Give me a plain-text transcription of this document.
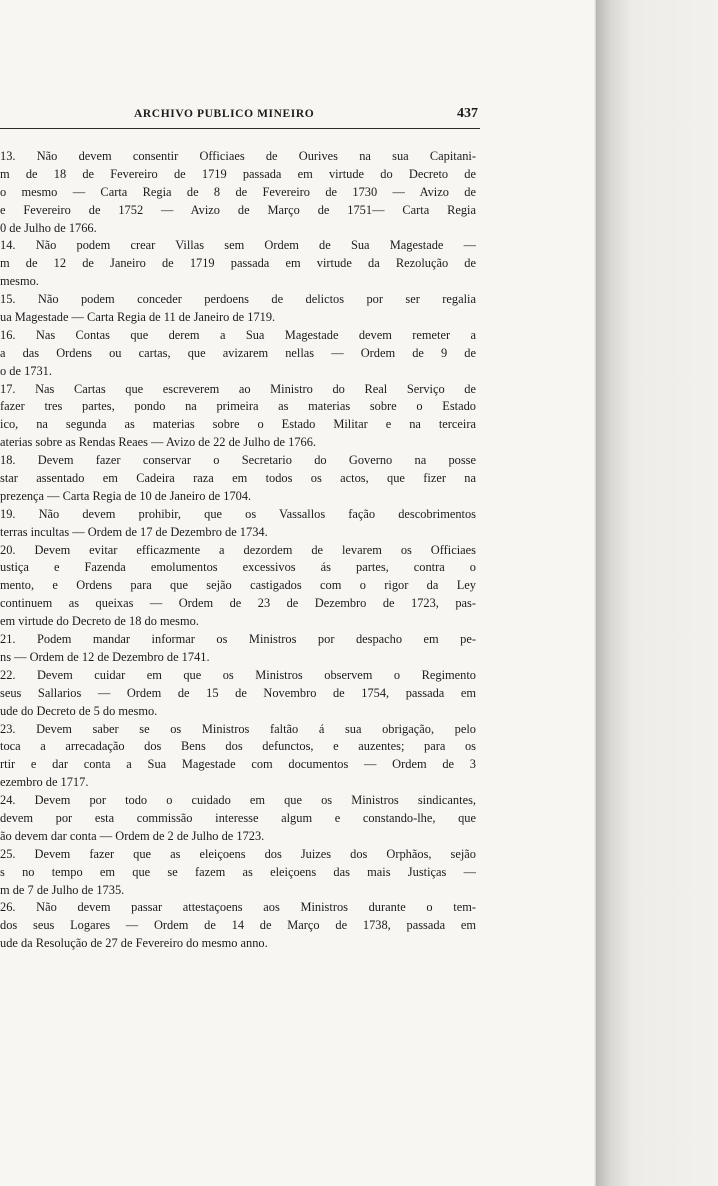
ARCHIVO PUBLICO MINEIRO	437
13. Não devem consentir Officiaes de Ourives na sua Capitani-
m de 18 de Fevereiro de 1719 passada em virtude do Decreto de
o mesmo — Carta Regia de 8 de Fevereiro de 1730 — Avizo de
e Fevereiro de 1752 — Avizo de Março de 1751— Carta Regia
0 de Julho de 1766.
14. Não podem crear Villas sem Ordem de Sua Magestade —
m de 12 de Janeiro de 1719 passada em virtude da Rezolução de
mesmo.
15. Não podem conceder perdoens de delictos por ser regalia
ua Magestade — Carta Regia de 11 de Janeiro de 1719.
16. Nas Contas que derem a Sua Magestade devem remeter a
a das Ordens ou cartas, que avizarem nellas — Ordem de 9 de
o de 1731.
17. Nas Cartas que escreverem ao Ministro do Real Serviço de
fazer tres partes, pondo na primeira as materias sobre o Estado
ico, na segunda as materias sobre o Estado Militar e na terceira
aterias sobre as Rendas Reaes — Avizo de 22 de Julho de 1766.
18. Devem fazer conservar o Secretario do Governo na posse
star assentado em Cadeira raza em todos os actos, que fizer na
prezença — Carta Regia de 10 de Janeiro de 1704.
19. Não devem prohibir, que os Vassallos fação descobrimentos
terras incultas — Ordem de 17 de Dezembro de 1734.
20. Devem evitar efficazmente a dezordem de levarem os Officiaes
ustiça e Fazenda emolumentos excessivos ás partes, contra o
mento, e Ordens para que sejão castigados com o rigor da Ley
continuem as queixas — Ordem de 23 de Dezembro de 1723, pas-
em virtude do Decreto de 18 do mesmo.
21. Podem mandar informar os Ministros por despacho em pe-
ns — Ordem de 12 de Dezembro de 1741.
22. Devem cuidar em que os Ministros observem o Regimento
seus Sallarios — Ordem de 15 de Novembro de 1754, passada em
ude do Decreto de 5 do mesmo.
23. Devem saber se os Ministros faltão á sua obrigação, pelo
toca a arrecadação dos Bens dos defunctos, e auzentes; para os
rtir e dar conta a Sua Magestade com documentos — Ordem de 3
ezembro de 1717.
24. Devem por todo o cuidado em que os Ministros sindicantes,
devem por esta commissão interesse algum e constando-lhe, que
ão devem dar conta — Ordem de 2 de Julho de 1723.
25. Devem fazer que as eleiçoens dos Juizes dos Orphãos, sejão
s no tempo em que se fazem as eleiçoens das mais Justiças —
m de 7 de Julho de 1735.
26. Não devem passar attestaçoens aos Ministros durante o tem-
dos seus Logares — Ordem de 14 de Março de 1738, passada em
ude da Resolução de 27 de Fevereiro do mesmo anno.
